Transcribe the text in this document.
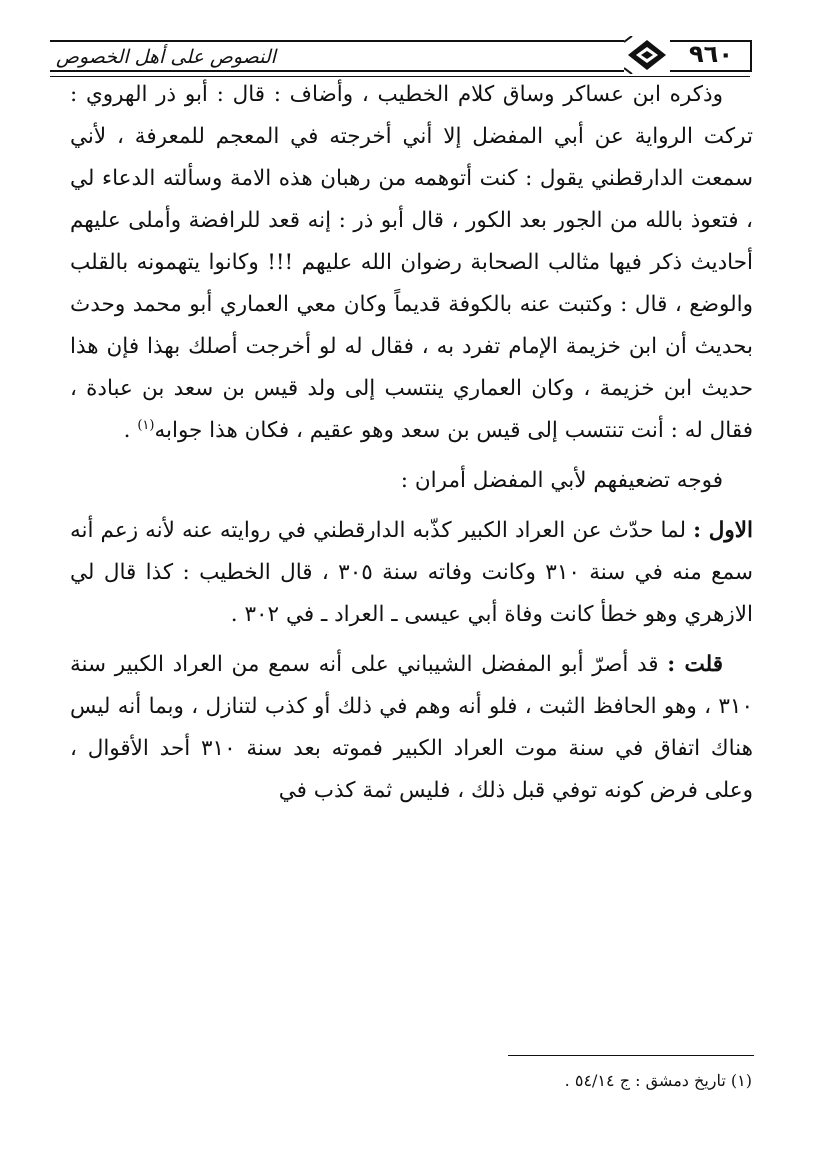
٩٦٠
النصوص على أهل الخصوص

وذكره ابن عساكر وساق كلام الخطيب ، وأضاف : قال : أبو ذر الهروي : تركت الرواية عن أبي المفضل إلا أني أخرجته في المعجم للمعرفة ، لأني سمعت الدارقطني يقول : كنت أتوهمه من رهبان هذه الامة وسألته الدعاء لي ، فتعوذ بالله من الجور بعد الكور ، قال أبو ذر : إنه قعد للرافضة وأملى عليهم أحاديث ذكر فيها مثالب الصحابة رضوان الله عليهم !!! وكانوا يتهمونه بالقلب والوضع ، قال : وكتبت عنه بالكوفة قديماً وكان معي العماري أبو محمد وحدث بحديث أن ابن خزيمة الإمام تفرد به ، فقال له لو أخرجت أصلك بهذا فإن هذا حديث ابن خزيمة ، وكان العماري ينتسب إلى ولد قيس بن سعد بن عبادة ، فقال له : أنت تنتسب إلى قيس بن سعد وهو عقيم ، فكان هذا جوابه$^{(١)}$ .

فوجه تضعيفهم لأبي المفضل أمران :

الاول : لما حدّث عن العراد الكبير كذّبه الدارقطني في روايته عنه لأنه زعم أنه سمع منه في سنة ٣١٠ وكانت وفاته سنة ٣٠٥ ، قال الخطيب : كذا قال لي الازهري وهو خطأ كانت وفاة أبي عيسى ـ العراد ـ في ٣٠٢ .

قلت : قد أصرّ أبو المفضل الشيباني على أنه سمع من العراد الكبير سنة ٣١٠ ، وهو الحافظ الثبت ، فلو أنه وهم في ذلك أو كذب لتنازل ، وبما أنه ليس هناك اتفاق في سنة موت العراد الكبير فموته بعد سنة ٣١٠ أحد الأقوال ، وعلى فرض كونه توفي قبل ذلك ، فليس ثمة كذب في

(١) تاريخ دمشق : ج ٥٤/١٤ .
